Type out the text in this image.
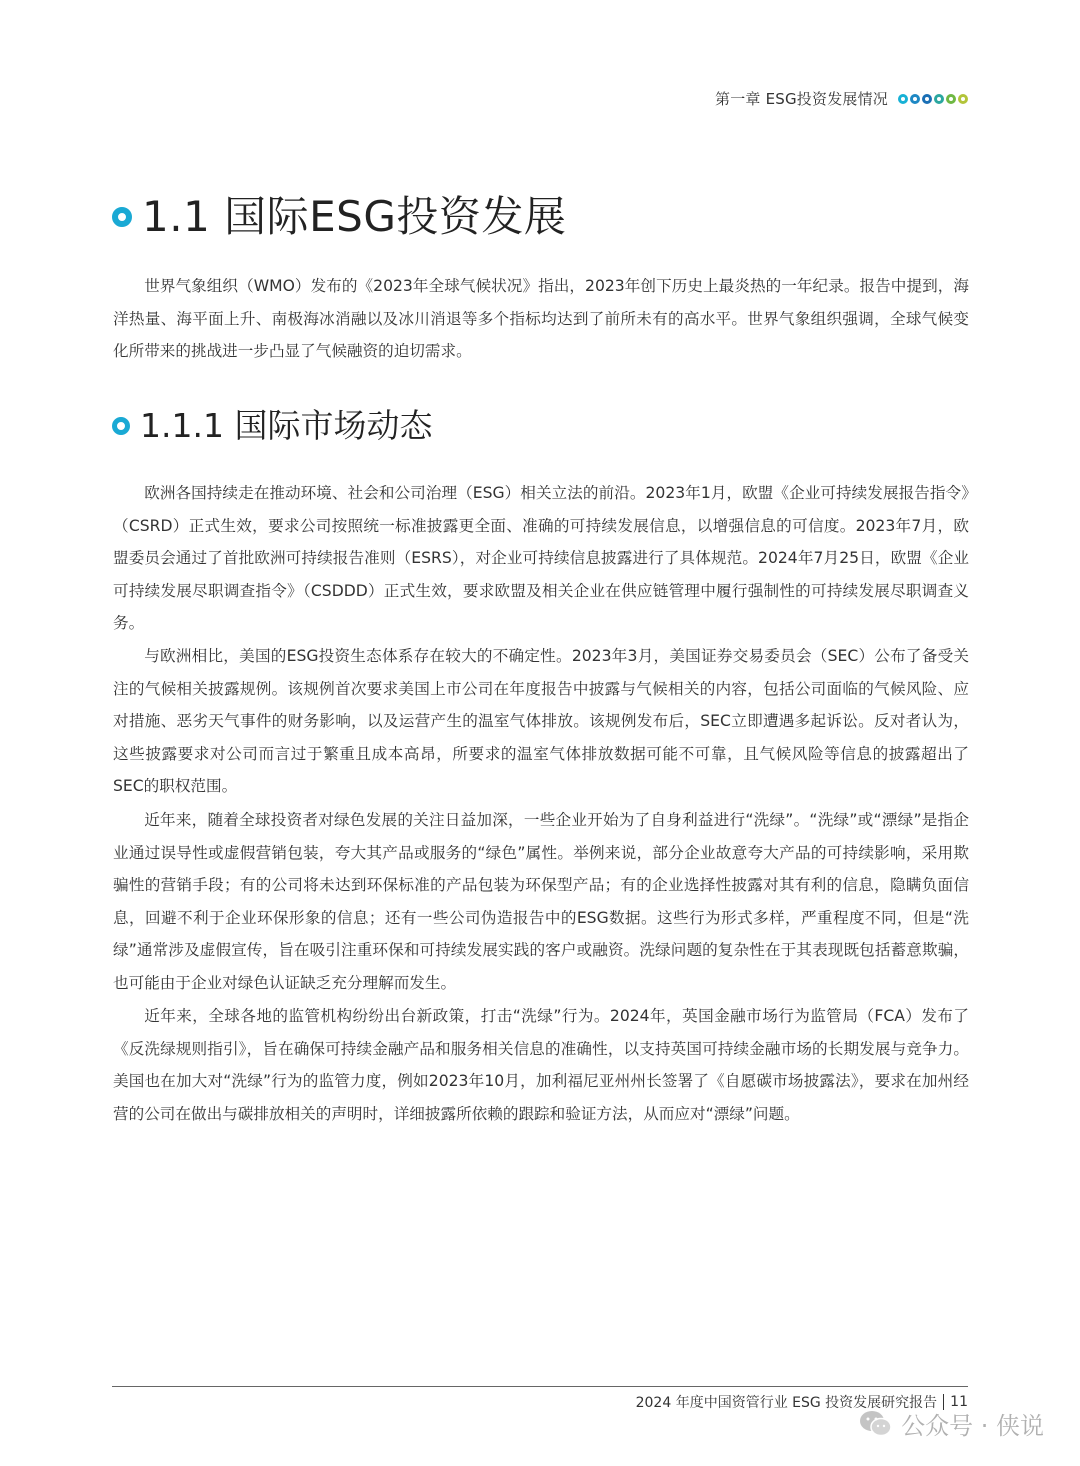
第一章 ESG投资发展情况
1.1 国际ESG投资发展

世界气象组织（WMO）发布的《2023年全球气候状况》指出，2023年创下历史上最炎热的一年纪录。报告中提到，海洋热量、海平面上升、南极海冰消融以及冰川消退等多个指标均达到了前所未有的高水平。世界气象组织强调，全球气候变化所带来的挑战进一步凸显了气候融资的迫切需求。

1.1.1 国际市场动态

欧洲各国持续走在推动环境、社会和公司治理（ESG）相关立法的前沿。2023年1月，欧盟《企业可持续发展报告指令》（CSRD）正式生效，要求公司按照统一标准披露更全面、准确的可持续发展信息，以增强信息的可信度。2023年7月，欧盟委员会通过了首批欧洲可持续报告准则（ESRS），对企业可持续信息披露进行了具体规范。2024年7月25日，欧盟《企业可持续发展尽职调查指令》（CSDDD）正式生效，要求欧盟及相关企业在供应链管理中履行强制性的可持续发展尽职调查义务。

与欧洲相比，美国的ESG投资生态体系存在较大的不确定性。2023年3月，美国证券交易委员会（SEC）公布了备受关注的气候相关披露规例。该规例首次要求美国上市公司在年度报告中披露与气候相关的内容，包括公司面临的气候风险、应对措施、恶劣天气事件的财务影响，以及运营产生的温室气体排放。该规例发布后，SEC立即遭遇多起诉讼。反对者认为，这些披露要求对公司而言过于繁重且成本高昂，所要求的温室气体排放数据可能不可靠，且气候风险等信息的披露超出了SEC的职权范围。

近年来，随着全球投资者对绿色发展的关注日益加深，一些企业开始为了自身利益进行“洗绿”。“洗绿”或“漂绿”是指企业通过误导性或虚假营销包装，夸大其产品或服务的“绿色”属性。举例来说，部分企业故意夸大产品的可持续影响，采用欺骗性的营销手段；有的公司将未达到环保标准的产品包装为环保型产品；有的企业选择性披露对其有利的信息，隐瞒负面信息，回避不利于企业环保形象的信息；还有一些公司伪造报告中的ESG数据。这些行为形式多样，严重程度不同，但是“洗绿”通常涉及虚假宣传，旨在吸引注重环保和可持续发展实践的客户或融资。洗绿问题的复杂性在于其表现既包括蓄意欺骗，也可能由于企业对绿色认证缺乏充分理解而发生。

近年来，全球各地的监管机构纷纷出台新政策，打击“洗绿”行为。2024年，英国金融市场行为监管局（FCA）发布了《反洗绿规则指引》，旨在确保可持续金融产品和服务相关信息的准确性，以支持英国可持续金融市场的长期发展与竞争力。美国也在加大对“洗绿”行为的监管力度，例如2023年10月，加利福尼亚州州长签署了《自愿碳市场披露法》，要求在加州经营的公司在做出与碳排放相关的声明时，详细披露所依赖的跟踪和验证方法，从而应对“漂绿”问题。

2024 年度中国资管行业 ESG 投资发展研究报告 11
公众号 · 侠说
